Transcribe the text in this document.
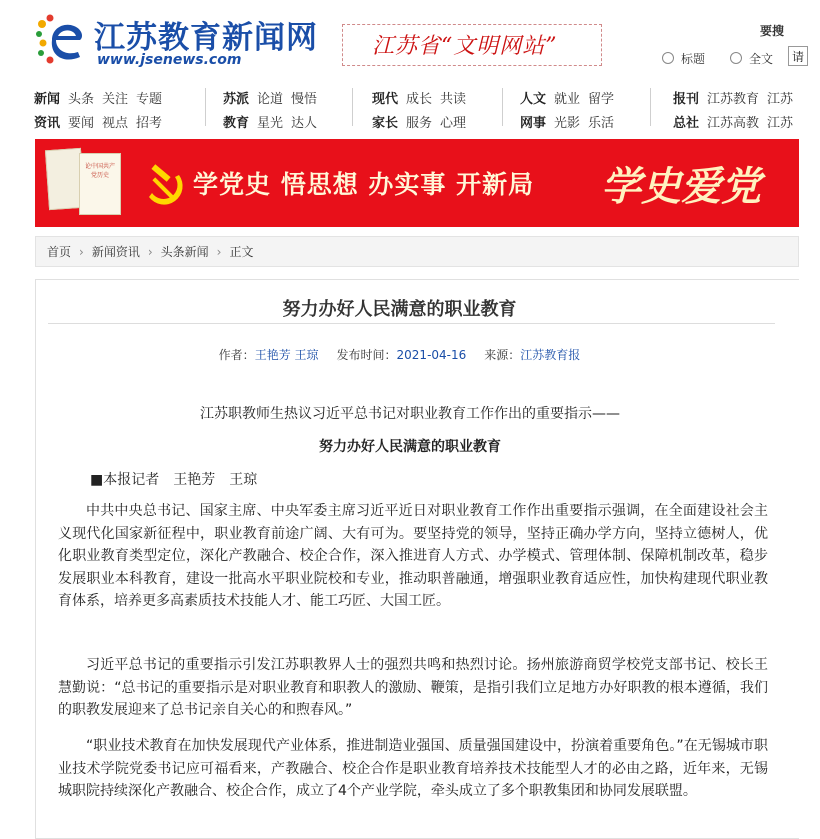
江苏教育新闻网
www.jsenews.com
江苏省“文明网站”
要搜
标题	全文	请
新闻 头条 关注 专题
资讯 要闻 视点 招考
苏派 论道 慢悟
教育 星光 达人
现代 成长 共读
家长 服务 心理
人文 就业 留学
网事 光影 乐活
报刊 江苏教育 江苏
总社 江苏高教 江苏
论中国共产党历史	学党史 悟思想 办实事 开新局 学史爱党
首页 › 新闻资讯 › 头条新闻 › 正文
努力办好人民满意的职业教育
作者：王艳芳 王琼 发布时间：2021-04-16 来源：江苏教育报
江苏职教师生热议习近平总书记对职业教育工作作出的重要指示——
努力办好人民满意的职业教育
■本报记者　王艳芳　王琼
中共中央总书记、国家主席、中央军委主席习近平近日对职业教育工作作出重要指示强调，在全面建设社会主义现代化国家新征程中，职业教育前途广阔、大有可为。要坚持党的领导，坚持正确办学方向，坚持立德树人，优化职业教育类型定位，深化产教融合、校企合作，深入推进育人方式、办学模式、管理体制、保障机制改革，稳步发展职业本科教育，建设一批高水平职业院校和专业，推动职普融通，增强职业教育适应性，加快构建现代职业教育体系，培养更多高素质技术技能人才、能工巧匠、大国工匠。
习近平总书记的重要指示引发江苏职教界人士的强烈共鸣和热烈讨论。扬州旅游商贸学校党支部书记、校长王慧勤说：“总书记的重要指示是对职业教育和职教人的激励、鞭策，是指引我们立足地方办好职教的根本遵循，我们的职教发展迎来了总书记亲自关心的和煦春风。”
“职业技术教育在加快发展现代产业体系，推进制造业强国、质量强国建设中，扮演着重要角色。”在无锡城市职业技术学院党委书记应可福看来，产教融合、校企合作是职业教育培养技术技能型人才的必由之路，近年来，无锡城职院持续深化产教融合、校企合作，成立了4个产业学院，牵头成立了多个职教集团和协同发展联盟。
